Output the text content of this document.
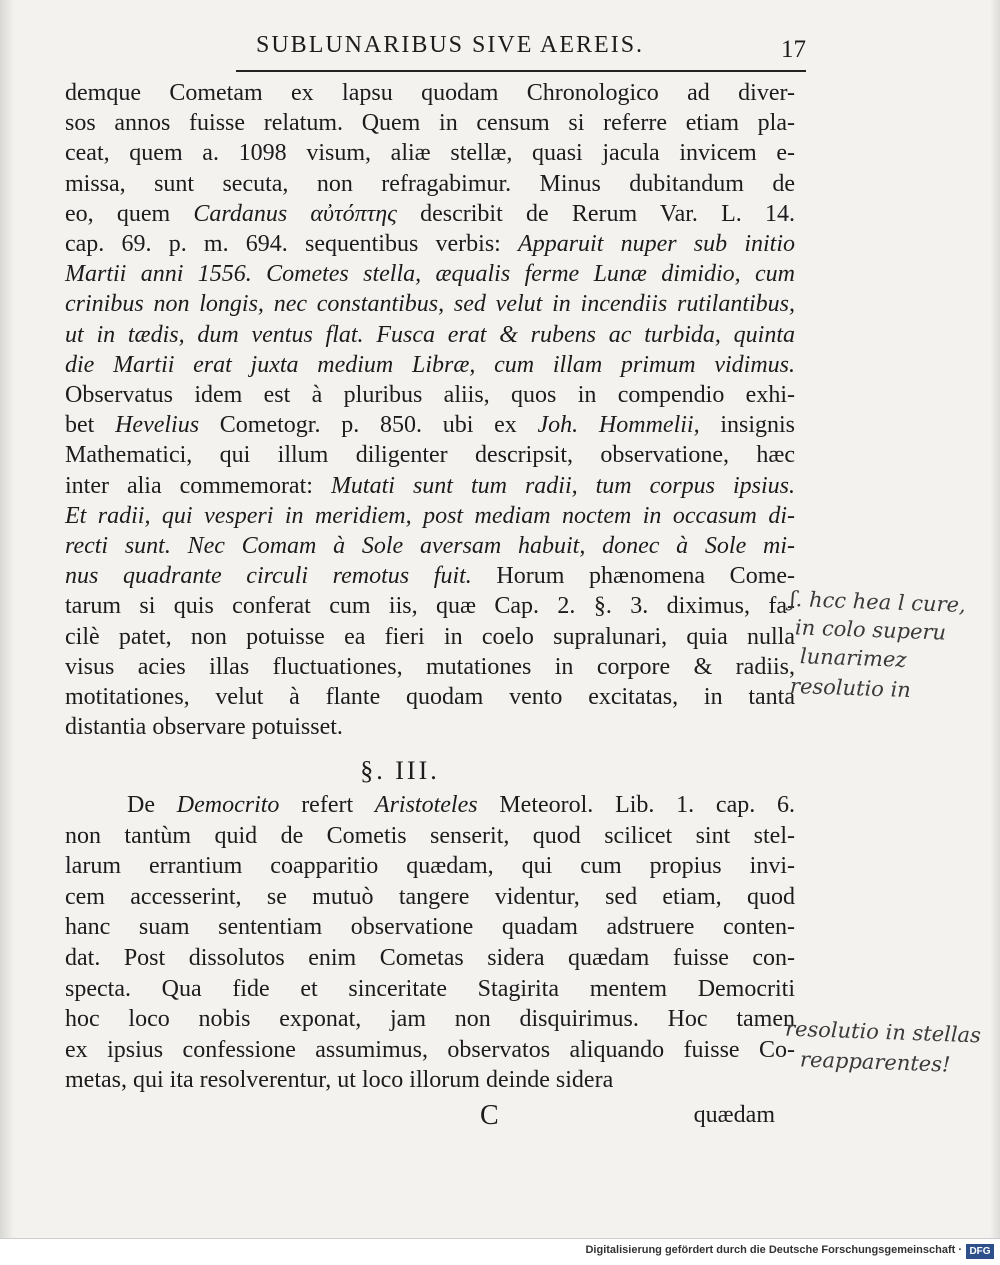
SUBLUNARIBUS SIVE AEREIS.	17
demque Cometam ex lapsu quodam Chronologico ad diver-
sos annos fuisse relatum. Quem in censum si referre etiam pla-
ceat, quem a. 1098 visum, aliæ stellæ, quasi jacula invicem e-
missa, sunt secuta, non refragabimur. Minus dubitandum de
eo, quem Cardanus αὐτόπτης describit de Rerum Var. L. 14.
cap. 69. p. m. 694. sequentibus verbis: Apparuit nuper sub initio
Martii anni 1556. Cometes stella, æqualis ferme Lunæ dimidio, cum
crinibus non longis, nec constantibus, sed velut in incendiis rutilantibus,
ut in tædis, dum ventus flat. Fusca erat & rubens ac turbida, quinta
die Martii erat juxta medium Libræ, cum illam primum vidimus.
Observatus idem est à pluribus aliis, quos in compendio exhi-
bet Hevelius Cometogr. p. 850. ubi ex Joh. Hommelii, insignis
Mathematici, qui illum diligenter descripsit, observatione, hæc
inter alia commemorat: Mutati sunt tum radii, tum corpus ipsius.
Et radii, qui vesperi in meridiem, post mediam noctem in occasum di-
recti sunt. Nec Comam à Sole aversam habuit, donec à Sole mi-
nus quadrante circuli remotus fuit. Horum phænomena Come-
tarum si quis conferat cum iis, quæ Cap. 2. §. 3. diximus, fa-
cilè patet, non potuisse ea fieri in coelo supralunari, quia nulla
visus acies illas fluctuationes, mutationes in corpore & radiis,
motitationes, velut à flante quodam vento excitatas, in tanta
distantia observare potuisset.
De Democrito refert Aristoteles Meteorol. Lib. 1. cap. 6.
non tantùm quid de Cometis senserit, quod scilicet sint stel-
larum errantium coapparitio quædam, qui cum propius invi-
cem accesserint, se mutuò tangere videntur, sed etiam, quod
hanc suam sententiam observatione quadam adstruere conten-
dat. Post dissolutos enim Cometas sidera quædam fuisse con-
specta. Qua fide et sinceritate Stagirita mentem Democriti
hoc loco nobis exponat, jam non disquirimus. Hoc tamen
ex ipsius confessione assumimus, observatos aliquando fuisse Co-
metas, qui ita resolverentur, ut loco illorum deinde sidera
§. III.
C	quædam
ʃ. hcc hea l cure,
in colo superu
lunarimez
resolutio in
resolutio in stellas
reapparentes!
Digitalisierung gefördert durch die Deutsche Forschungsgemeinschaft · DFG
